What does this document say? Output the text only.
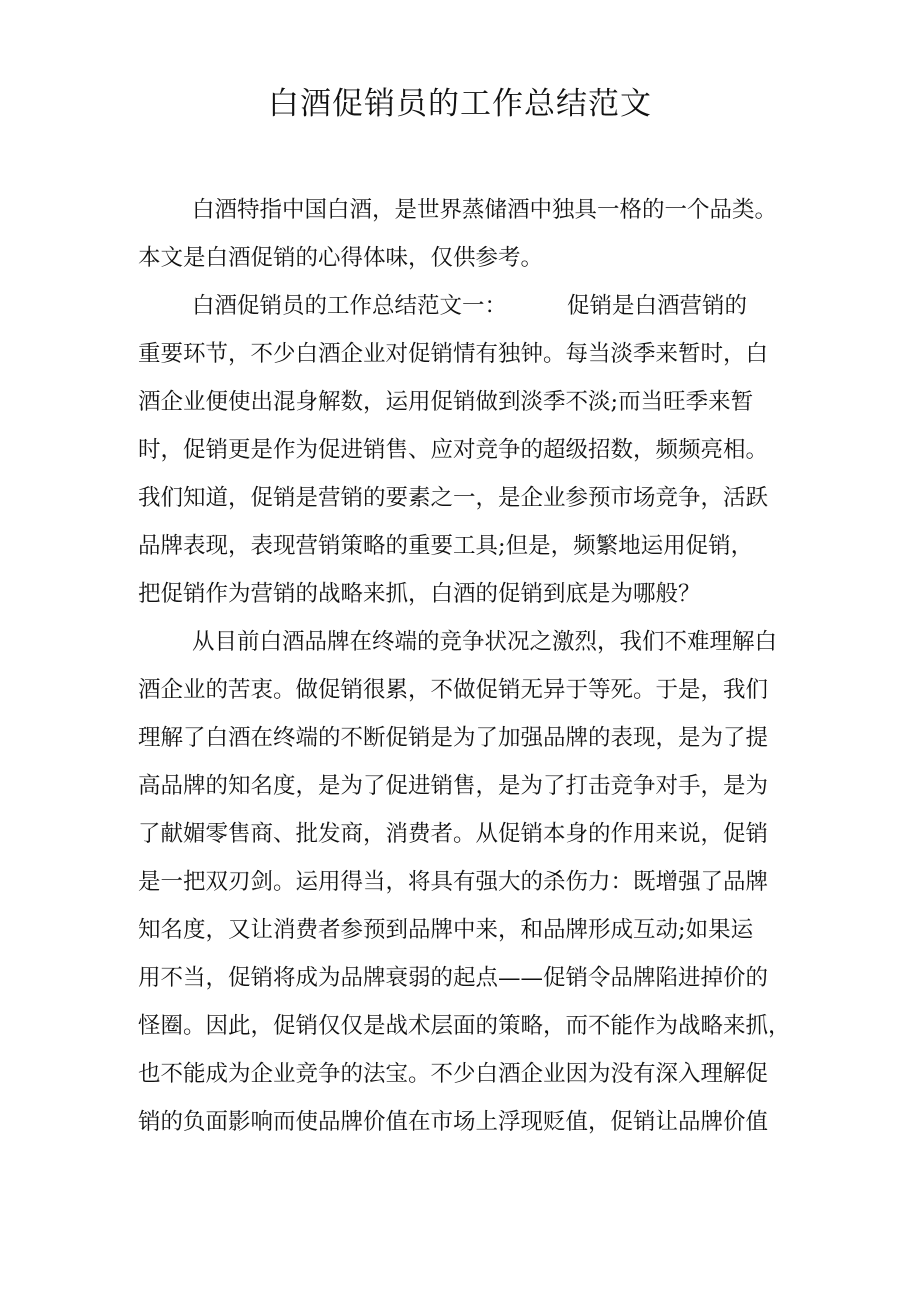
白酒促销员的工作总结范文

白酒特指中国白酒，是世界蒸储酒中独具一格的一个品类。

本文是白酒促销的心得体味，仅供参考。

白酒促销员的工作总结范文一：	促销是白酒营销的

重要环节，不少白酒企业对促销情有独钟。每当淡季来暂时，白

酒企业便使出混身解数，运用促销做到淡季不淡;而当旺季来暂

时，促销更是作为促进销售、应对竞争的超级招数，频频亮相。

我们知道，促销是营销的要素之一，是企业参预市场竞争，活跃

品牌表现，表现营销策略的重要工具;但是，频繁地运用促销，

把促销作为营销的战略来抓，白酒的促销到底是为哪般？

从目前白酒品牌在终端的竞争状况之激烈，我们不难理解白

酒企业的苦衷。做促销很累，不做促销无异于等死。于是，我们

理解了白酒在终端的不断促销是为了加强品牌的表现，是为了提

高品牌的知名度，是为了促进销售，是为了打击竞争对手，是为

了献媚零售商、批发商，消费者。从促销本身的作用来说，促销

是一把双刃剑。运用得当，将具有强大的杀伤力：既增强了品牌

知名度，又让消费者参预到品牌中来，和品牌形成互动;如果运

用不当，促销将成为品牌衰弱的起点——促销令品牌陷进掉价的

怪圈。因此，促销仅仅是战术层面的策略，而不能作为战略来抓，

也不能成为企业竞争的法宝。不少白酒企业因为没有深入理解促

销的负面影响而使品牌价值在市场上浮现贬值，促销让品牌价值
